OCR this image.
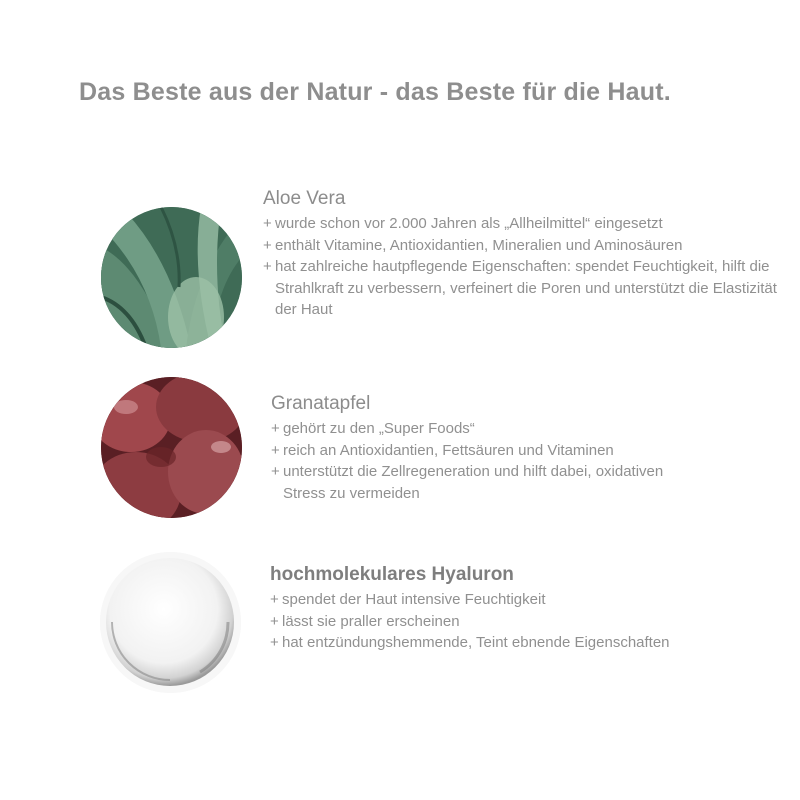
Das Beste aus der Natur - das Beste für die Haut.
Aloe Vera
+ wurde schon vor 2.000 Jahren als „Allheilmittel“ eingesetzt
+ enthält Vitamine, Antioxidantien, Mineralien und Aminosäuren
+ hat zahlreiche hautpflegende Eigenschaften: spendet Feuchtigkeit, hilft die Strahlkraft zu verbessern, verfeinert die Poren und unterstützt die Elastizität der Haut
Granatapfel
+ gehört zu den „Super Foods“
+ reich an Antioxidantien, Fettsäuren und Vitaminen
+ unterstützt die Zellregeneration und hilft dabei, oxidativen Stress zu vermeiden
hochmolekulares Hyaluron
+ spendet der Haut intensive Feuchtigkeit
+ lässt sie praller erscheinen
+ hat entzündungshemmende, Teint ebnende Eigenschaften
